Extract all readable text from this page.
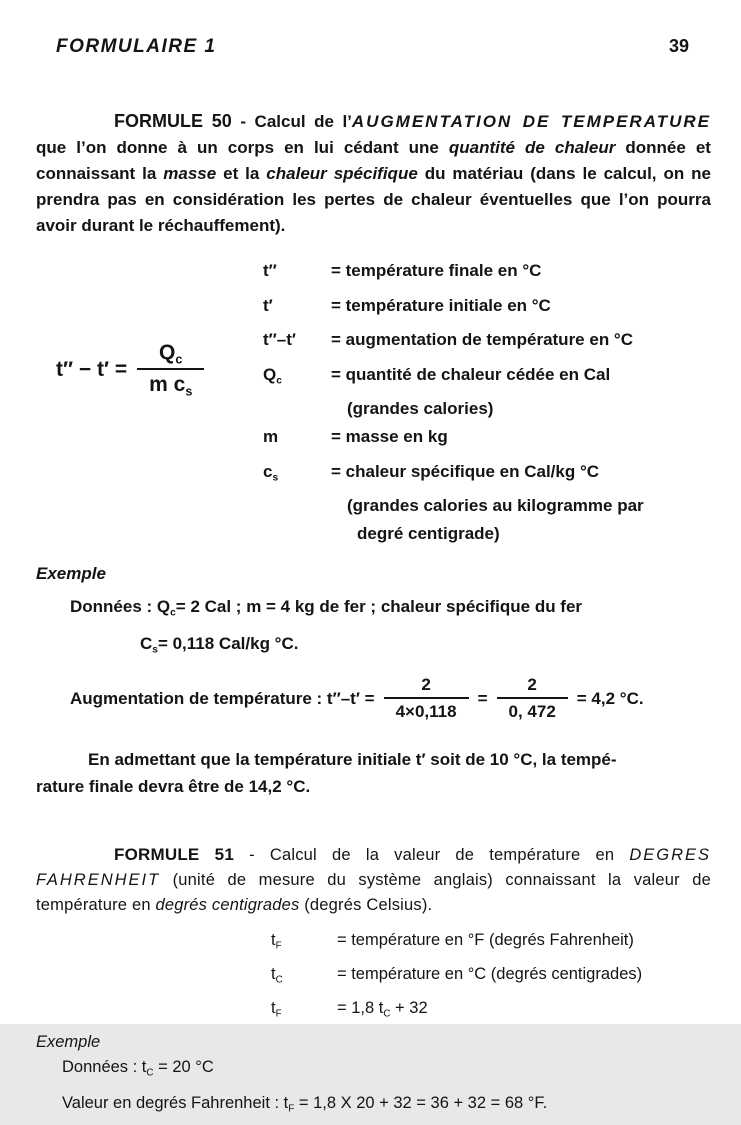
FORMULAIRE 1	39

FORMULE 50 - Calcul de l’AUGMENTATION DE TEMPERATURE que l’on donne à un corps en lui cédant une quantité de chaleur donnée et connaissant la masse et la chaleur spécifique du matériau (dans le calcul, on ne prendra pas en considération les pertes de chaleur éventuelles que l’on pourra avoir durant le réchauffement).

$t'' - t' = \frac{Q_c}{m c_s}$
t″	= température finale en °C
t′	= température initiale en °C
t″–t′	= augmentation de température en °C
$Q_c$	= quantité de chaleur cédée en Cal
(grandes calories)
m	= masse en kg
$c_s$	= chaleur spécifique en Cal/kg °C
(grandes calories au kilogramme par
degré centigrade)

Exemple

Données : $Q_c= 2$ Cal ; m = 4 kg de fer ; chaleur spécifique du fer
$C_s= 0,118$ Cal/kg °C.
Augmentation de température : $t''-t' = \frac{2}{4\times 0,118} = \frac{2}{0, 472} = 4,2$ °C.

En admettant que la température initiale t′ soit de 10 °C, la tempé-
rature finale devra être de 14,2 °C.

FORMULE 51 - Calcul de la valeur de température en DEGRES FAHRENHEIT (unité de mesure du système anglais) connaissant la valeur de température en degrés centigrades (degrés Celsius).

$t_F$	= température en °F (degrés Fahrenheit)
$t_C$	= température en °C (degrés centigrades)
$t_F$	= 1,8 $t_C + 32$

Exemple

Données : $t_C = 20$ °C
Valeur en degrés Fahrenheit : $t_F = 1,8$ X 20 + 32 = 36 + 32 = 68 °F.
